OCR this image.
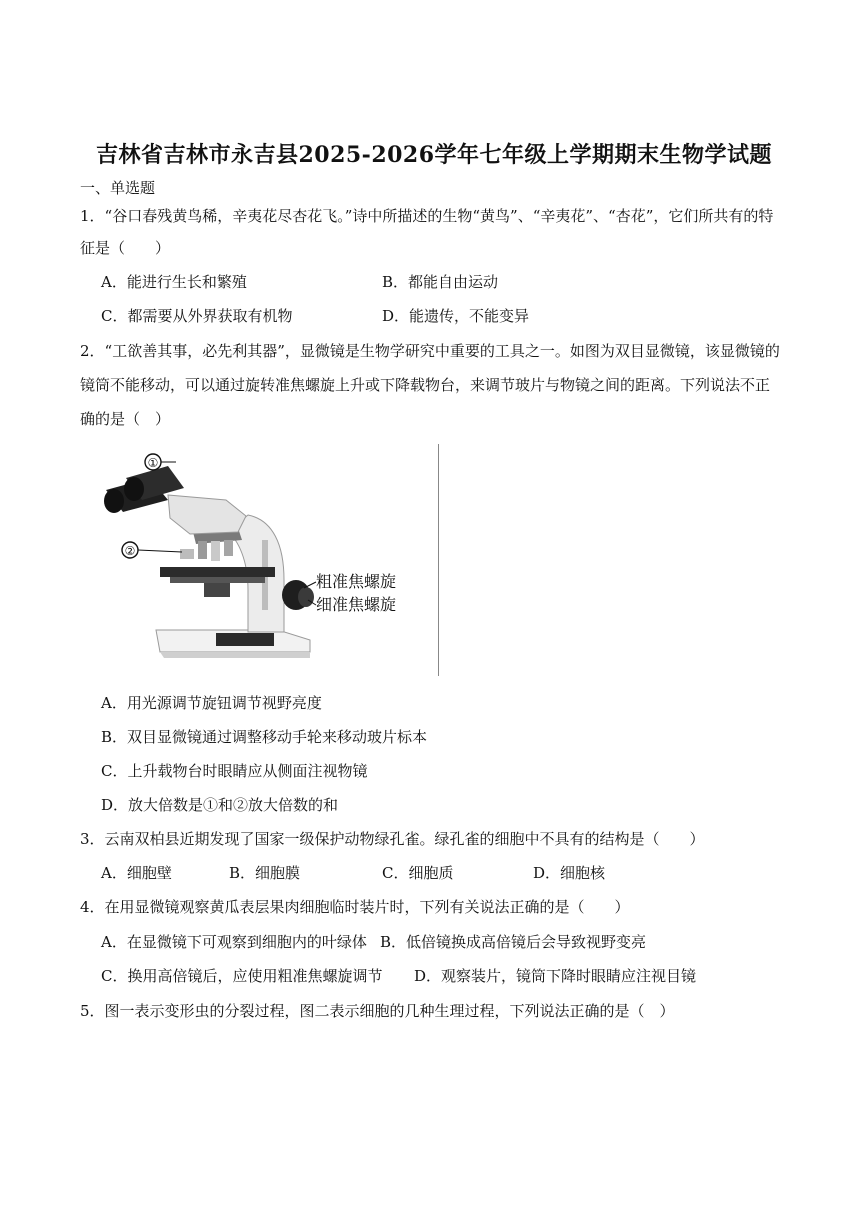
吉林省吉林市永吉县2025-2026学年七年级上学期期末生物学试题
一、单选题
1．“谷口春残黄鸟稀，辛夷花尽杏花飞。”诗中所描述的生物“黄鸟”、“辛夷花”、“杏花”，它们所共有的特
征是（　　）
A．能进行生长和繁殖	B．都能自由运动
C．都需要从外界获取有机物	D．能遗传，不能变异
2．“工欲善其事，必先利其器”，显微镜是生物学研究中重要的工具之一。如图为双目显微镜，该显微镜的
镜筒不能移动，可以通过旋转准焦螺旋上升或下降载物台，来调节玻片与物镜之间的距离。下列说法不正
确的是（　）
①
②
粗准焦螺旋
细准焦螺旋
A．用光源调节旋钮调节视野亮度
B．双目显微镜通过调整移动手轮来移动玻片标本
C．上升载物台时眼睛应从侧面注视物镜
D．放大倍数是①和②放大倍数的和
3．云南双柏县近期发现了国家一级保护动物绿孔雀。绿孔雀的细胞中不具有的结构是（　　）
A．细胞壁	B．细胞膜	C．细胞质	D．细胞核
4．在用显微镜观察黄瓜表层果肉细胞临时装片时，下列有关说法正确的是（　　）
A．在显微镜下可观察到细胞内的叶绿体 B．低倍镜换成高倍镜后会导致视野变亮
C．换用高倍镜后，应使用粗准焦螺旋调节 D．观察装片，镜筒下降时眼睛应注视目镜
5．图一表示变形虫的分裂过程，图二表示细胞的几种生理过程，下列说法正确的是（　）
